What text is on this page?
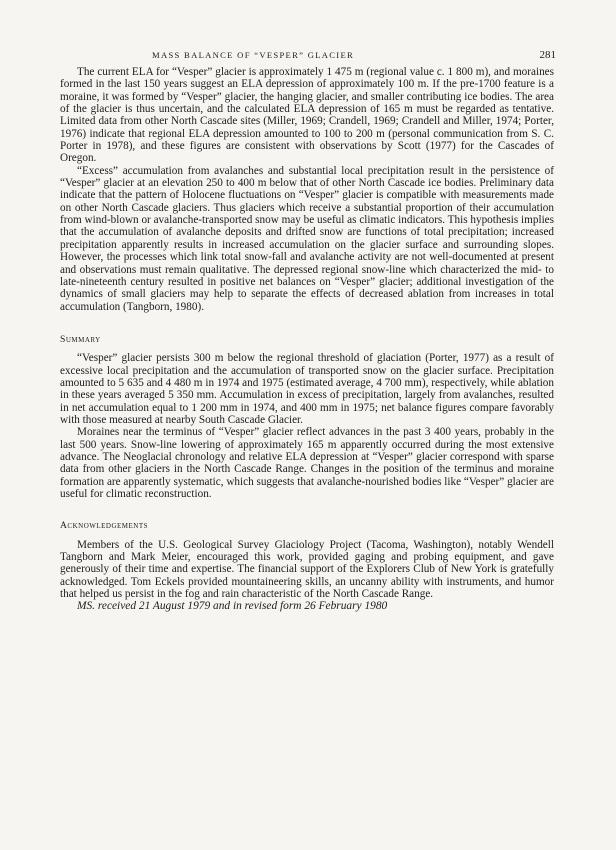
MASS BALANCE OF “VESPER” GLACIER	281

The current ELA for “Vesper” glacier is approximately 1 475 m (regional value c. 1 800 m), and moraines formed in the last 150 years suggest an ELA depression of approximately 100 m. If the pre-1700 feature is a moraine, it was formed by “Vesper” glacier, the hanging glacier, and smaller contributing ice bodies. The area of the glacier is thus uncertain, and the calculated ELA depression of 165 m must be regarded as tentative. Limited data from other North Cascade sites (Miller, 1969; Crandell, 1969; Crandell and Miller, 1974; Porter, 1976) indicate that regional ELA depression amounted to 100 to 200 m (personal communication from S. C. Porter in 1978), and these figures are consistent with observations by Scott (1977) for the Cascades of Oregon.

“Excess” accumulation from avalanches and substantial local precipitation result in the persistence of “Vesper” glacier at an elevation 250 to 400 m below that of other North Cascade ice bodies. Preliminary data indicate that the pattern of Holocene fluctuations on “Vesper” glacier is compatible with measurements made on other North Cascade glaciers. Thus glaciers which receive a substantial proportion of their accumulation from wind-blown or avalanche-transported snow may be useful as climatic indicators. This hypothesis implies that the accumulation of avalanche deposits and drifted snow are functions of total precipitation; increased precipitation apparently results in increased accumulation on the glacier surface and surrounding slopes. However, the processes which link total snow-fall and avalanche activity are not well-documented at present and observations must remain qualitative. The depressed regional snow-line which characterized the mid- to late-nineteenth century resulted in positive net balances on “Vesper” glacier; additional investigation of the dynamics of small glaciers may help to separate the effects of decreased ablation from increases in total accumulation (Tangborn, 1980).

Summary

“Vesper” glacier persists 300 m below the regional threshold of glaciation (Porter, 1977) as a result of excessive local precipitation and the accumulation of transported snow on the glacier surface. Precipitation amounted to 5 635 and 4 480 m in 1974 and 1975 (estimated average, 4 700 mm), respectively, while ablation in these years averaged 5 350 mm. Accumulation in excess of precipitation, largely from avalanches, resulted in net accumulation equal to 1 200 mm in 1974, and 400 mm in 1975; net balance figures compare favorably with those measured at nearby South Cascade Glacier.

Moraines near the terminus of “Vesper” glacier reflect advances in the past 3 400 years, probably in the last 500 years. Snow-line lowering of approximately 165 m apparently occurred during the most extensive advance. The Neoglacial chronology and relative ELA depression at “Vesper” glacier correspond with sparse data from other glaciers in the North Cascade Range. Changes in the position of the terminus and moraine formation are apparently systematic, which suggests that avalanche-nourished bodies like “Vesper” glacier are useful for climatic reconstruction.

Acknowledgements

Members of the U.S. Geological Survey Glaciology Project (Tacoma, Washington), notably Wendell Tangborn and Mark Meier, encouraged this work, provided gaging and probing equipment, and gave generously of their time and expertise. The financial support of the Explorers Club of New York is gratefully acknowledged. Tom Eckels provided mountaineering skills, an uncanny ability with instruments, and humor that helped us persist in the fog and rain characteristic of the North Cascade Range.

MS. received 21 August 1979 and in revised form 26 February 1980
